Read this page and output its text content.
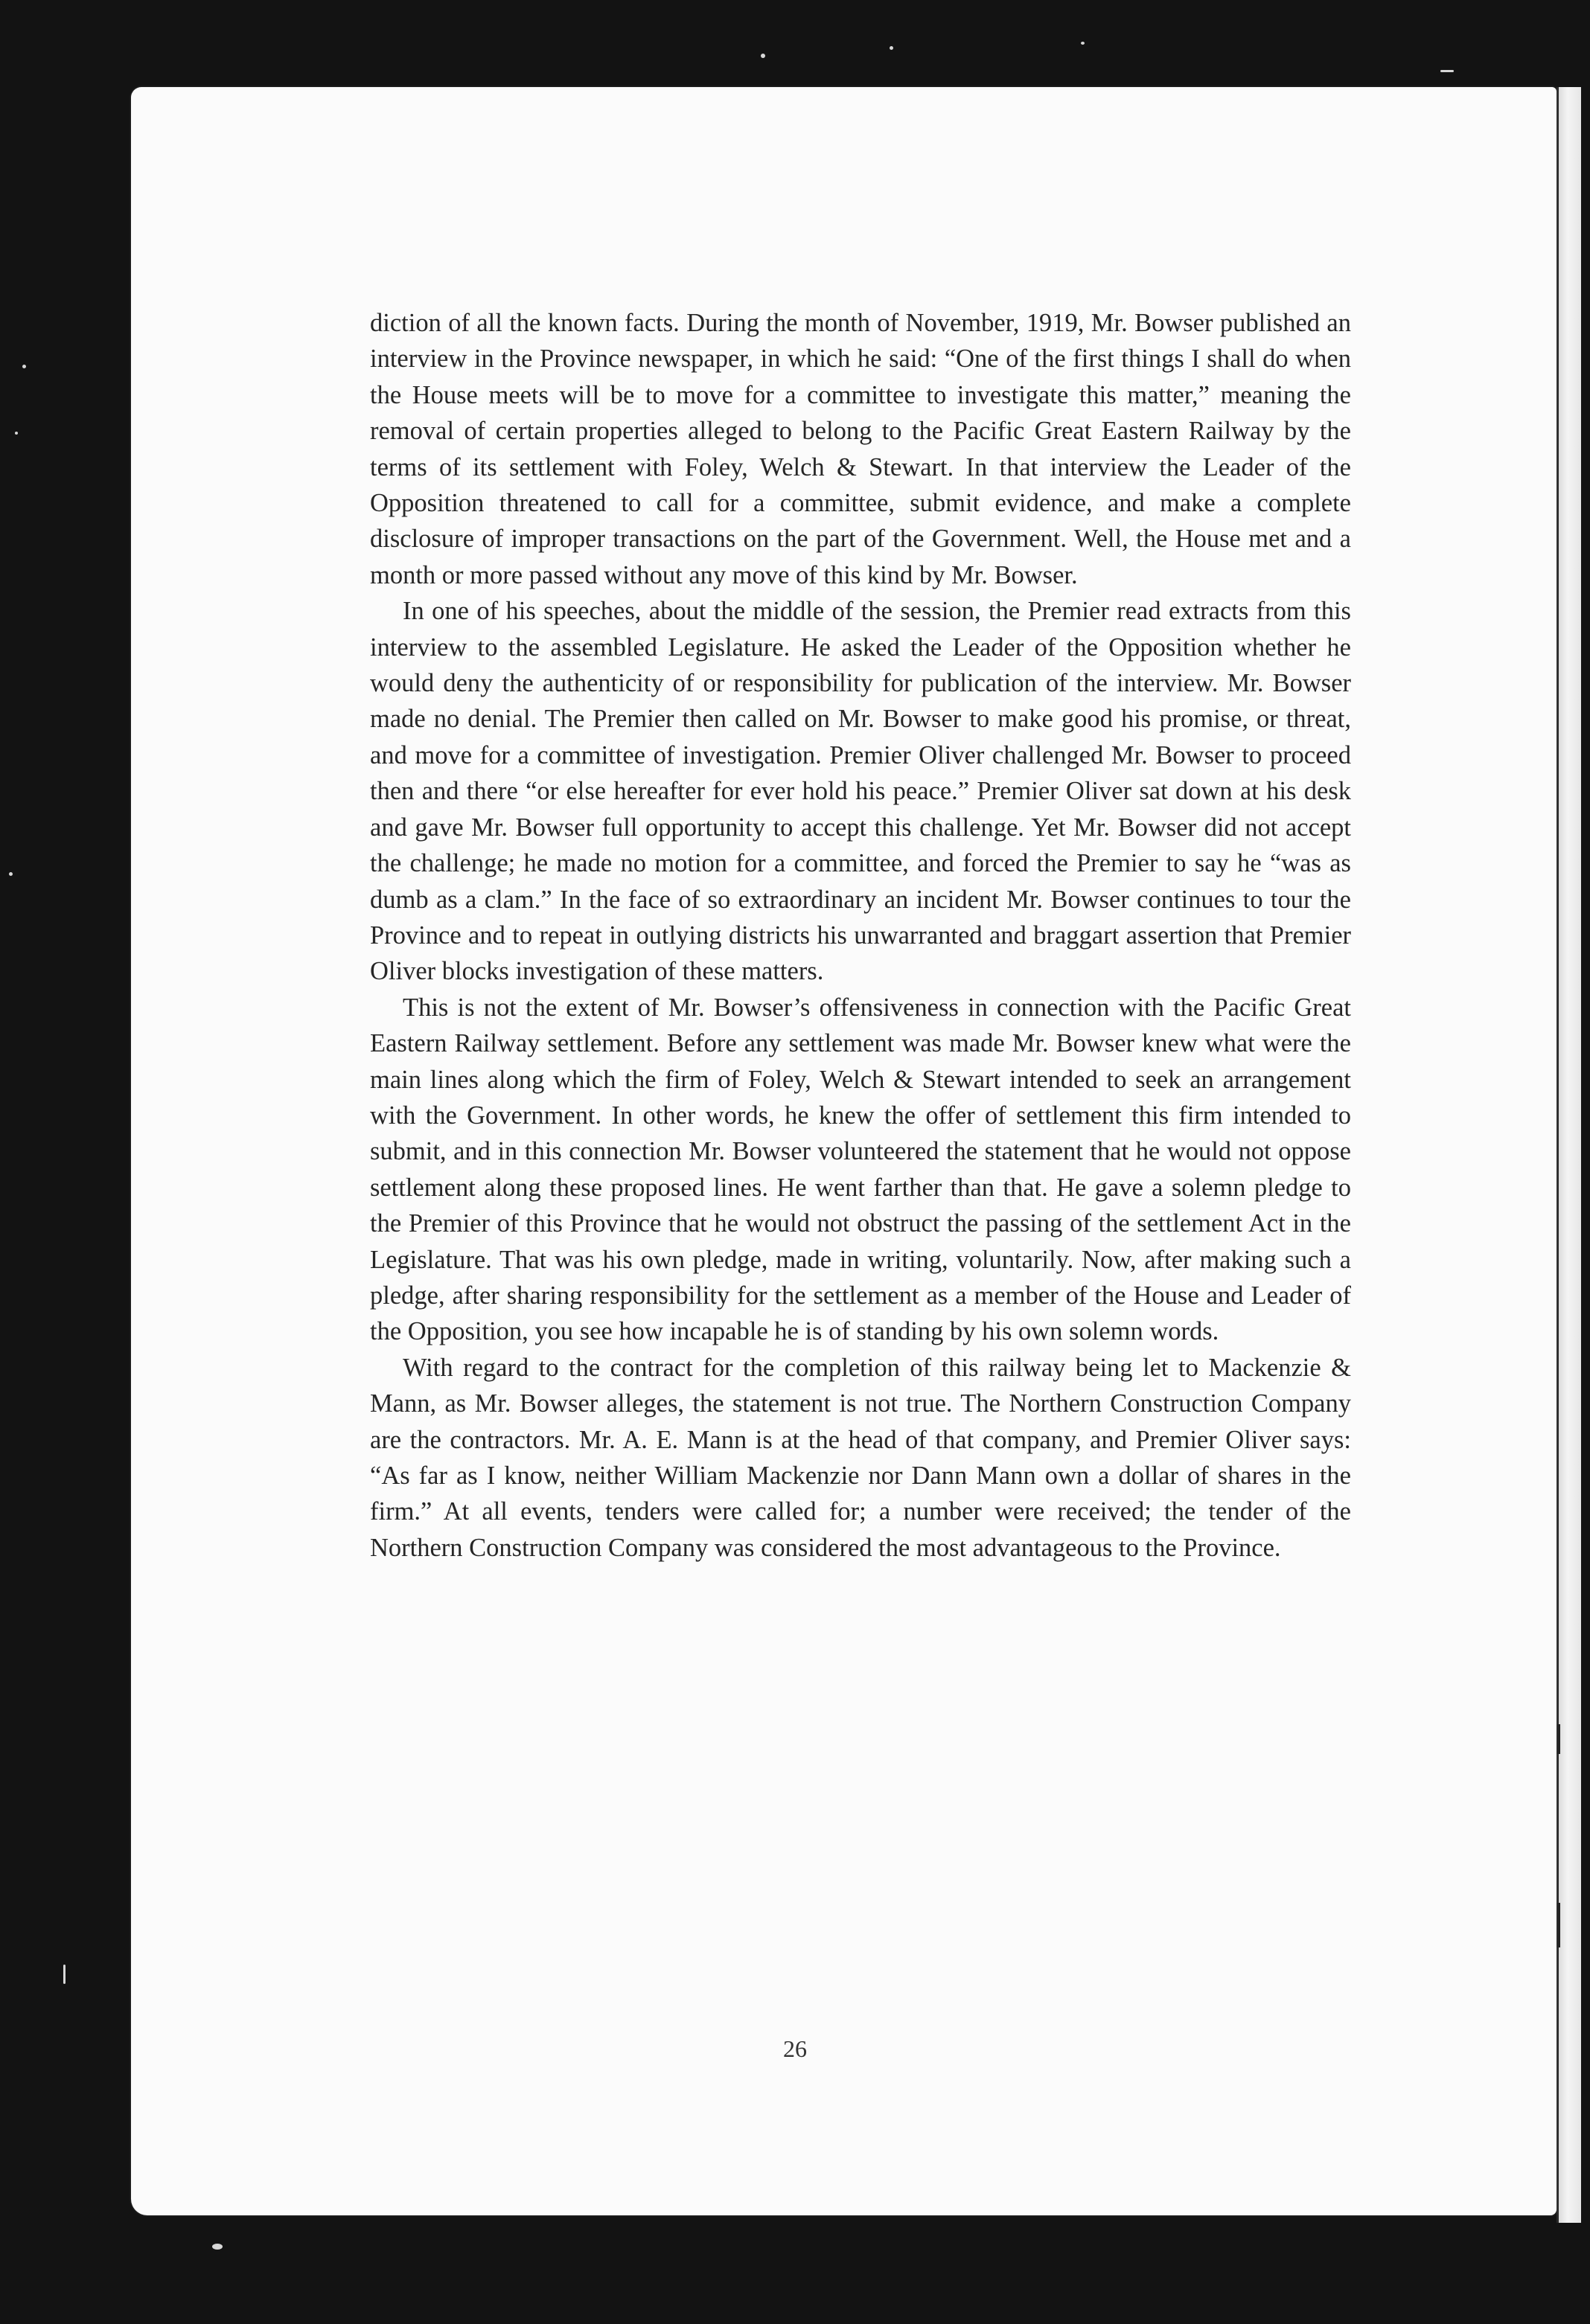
diction of all the known facts. During the month of November, 1919, Mr. Bowser published an interview in the Province newspaper, in which he said: “One of the first things I shall do when the House meets will be to move for a committee to investigate this matter,” meaning the removal of certain properties alleged to belong to the Pacific Great Eastern Railway by the terms of its settlement with Foley, Welch & Stewart. In that interview the Leader of the Opposition threatened to call for a committee, submit evidence, and make a complete disclosure of improper transactions on the part of the Government. Well, the House met and a month or more passed without any move of this kind by Mr. Bowser.

In one of his speeches, about the middle of the session, the Premier read extracts from this interview to the assembled Legislature. He asked the Leader of the Opposition whether he would deny the authenticity of or responsibility for publication of the interview. Mr. Bowser made no denial. The Premier then called on Mr. Bowser to make good his promise, or threat, and move for a committee of investigation. Premier Oliver challenged Mr. Bowser to proceed then and there “or else hereafter for ever hold his peace.” Premier Oliver sat down at his desk and gave Mr. Bowser full opportunity to accept this challenge. Yet Mr. Bowser did not accept the challenge; he made no motion for a committee, and forced the Premier to say he “was as dumb as a clam.” In the face of so extraordinary an incident Mr. Bowser continues to tour the Province and to repeat in outlying districts his unwarranted and braggart assertion that Premier Oliver blocks investigation of these matters.

This is not the extent of Mr. Bowser’s offensiveness in connection with the Pacific Great Eastern Railway settlement. Before any settlement was made Mr. Bowser knew what were the main lines along which the firm of Foley, Welch & Stewart intended to seek an arrangement with the Government. In other words, he knew the offer of settlement this firm intended to submit, and in this connection Mr. Bowser volunteered the statement that he would not oppose settlement along these proposed lines. He went farther than that. He gave a solemn pledge to the Premier of this Province that he would not obstruct the passing of the settlement Act in the Legislature. That was his own pledge, made in writing, voluntarily. Now, after making such a pledge, after sharing responsibility for the settlement as a member of the House and Leader of the Opposition, you see how incapable he is of standing by his own solemn words.

With regard to the contract for the completion of this railway being let to Mackenzie & Mann, as Mr. Bowser alleges, the statement is not true. The Northern Construction Company are the contractors. Mr. A. E. Mann is at the head of that company, and Premier Oliver says: “As far as I know, neither William Mackenzie nor Dann Mann own a dollar of shares in the firm.” At all events, tenders were called for; a number were received; the tender of the Northern Construction Company was considered the most advantageous to the Province.

26
